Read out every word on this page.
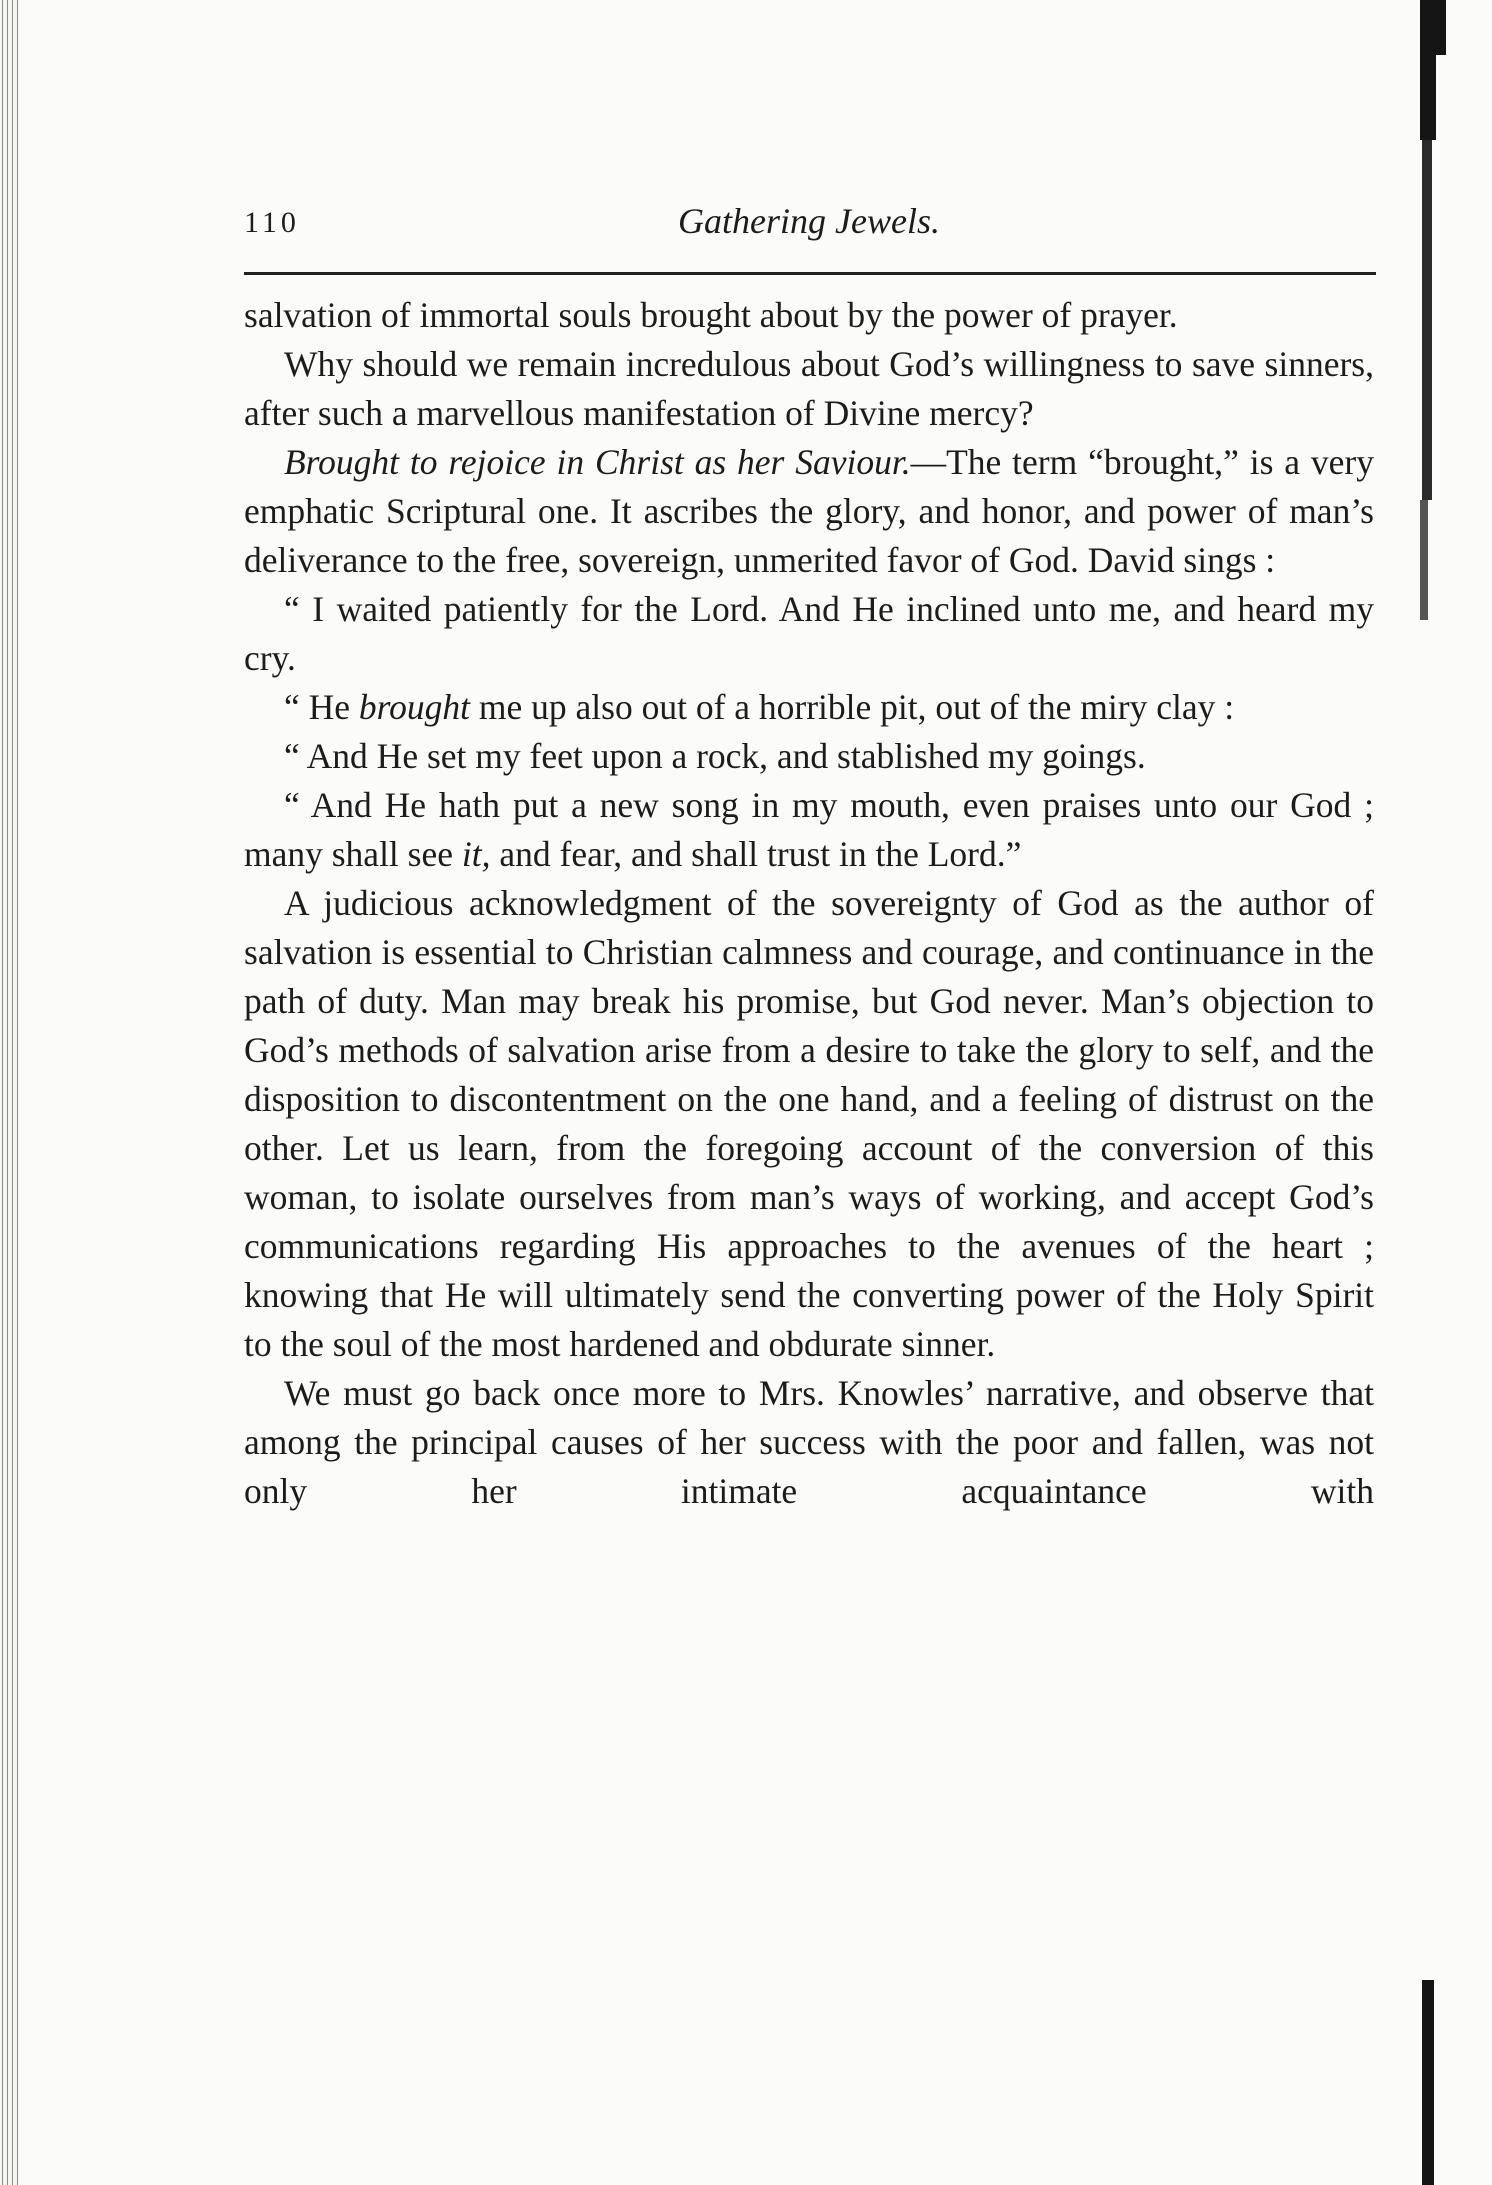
110	Gathering Jewels.

salvation of immortal souls brought about by the power of prayer.

Why should we remain incredulous about God’s willingness to save sinners, after such a marvellous manifestation of Divine mercy?

Brought to rejoice in Christ as her Saviour.—The term “brought,” is a very emphatic Scriptural one. It ascribes the glory, and honor, and power of man’s deliverance to the free, sovereign, unmerited favor of God. David sings :

“ I waited patiently for the Lord. And He inclined unto me, and heard my cry.

“ He brought me up also out of a horrible pit, out of the miry clay :

“ And He set my feet upon a rock, and stablished my goings.

“ And He hath put a new song in my mouth, even praises unto our God ; many shall see it, and fear, and shall trust in the Lord.”

A judicious acknowledgment of the sovereignty of God as the author of salvation is essential to Christian calmness and courage, and continuance in the path of duty. Man may break his promise, but God never. Man’s objection to God’s methods of salvation arise from a desire to take the glory to self, and the disposition to discontentment on the one hand, and a feeling of distrust on the other. Let us learn, from the foregoing account of the conversion of this woman, to isolate ourselves from man’s ways of working, and accept God’s communications regarding His approaches to the avenues of the heart ; knowing that He will ultimately send the converting power of the Holy Spirit to the soul of the most hardened and obdurate sinner.

We must go back once more to Mrs. Knowles’ narrative, and observe that among the principal causes of her success with the poor and fallen, was not only her intimate acquaintance with
